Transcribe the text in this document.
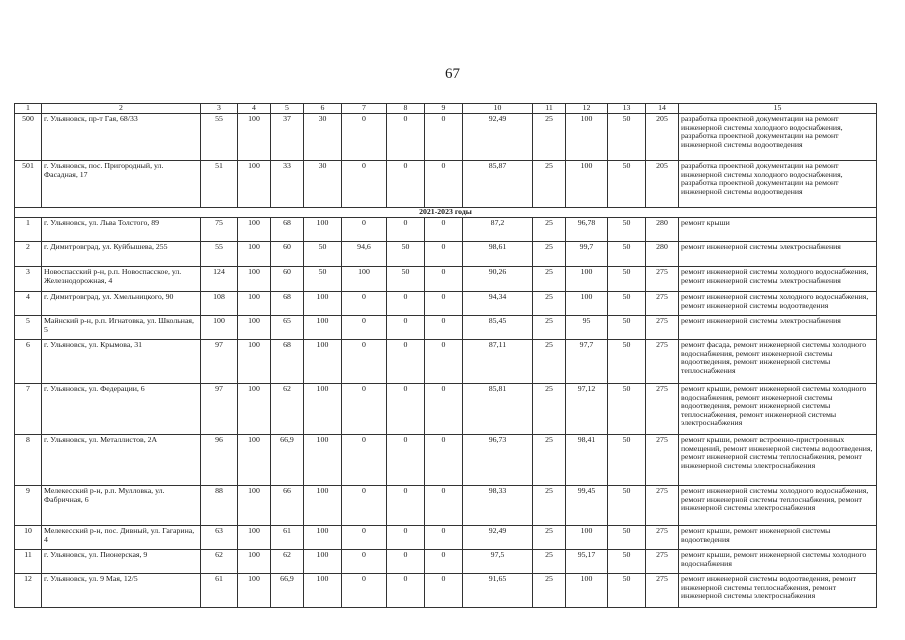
67
1	2	3	4	5	6	7	8	9	10	11	12	13	14	15
500	г. Ульяновск, пр-т Гая, 68/33	55	100	37	30	0	0	0	92,49	25	100	50	205	разработка проектной документации на ремонт инженерной системы холодного водоснабжения, разработка проектной документации на ремонт инженерной системы водоотведения
501	г. Ульяновск, пос. Пригородный, ул. Фасадная, 17	51	100	33	30	0	0	0	85,87	25	100	50	205	разработка проектной документации на ремонт инженерной системы холодного водоснабжения, разработка проектной документации на ремонт инженерной системы водоотведения
2021-2023 годы														
1	г. Ульяновск, ул. Льва Толстого, 89	75	100	68	100	0	0	0	87,2	25	96,78	50	280	ремонт крыши
2	г. Димитровград, ул. Куйбышева, 255	55	100	60	50	94,6	50	0	98,61	25	99,7	50	280	ремонт инженерной системы электроснабжения
3	Новоспасский р-н, р.п. Новоспасское, ул. Железнодорожная, 4	124	100	60	50	100	50	0	90,26	25	100	50	275	ремонт инженерной системы холодного водоснабжения, ремонт инженерной системы электроснабжения
4	г. Димитровград, ул. Хмельницкого, 90	108	100	68	100	0	0	0	94,34	25	100	50	275	ремонт инженерной системы холодного водоснабжения, ремонт инженерной системы водоотведения
5	Майнский р-н, р.п. Игнатовка, ул. Школьная, 5	100	100	65	100	0	0	0	85,45	25	95	50	275	ремонт инженерной системы электроснабжения
6	г. Ульяновск, ул. Крымова, 31	97	100	68	100	0	0	0	87,11	25	97,7	50	275	ремонт фасада, ремонт инженерной системы холодного водоснабжения, ремонт инженерной системы водоотведения, ремонт инженерной системы теплоснабжения
7	г. Ульяновск, ул. Федерации, 6	97	100	62	100	0	0	0	85,81	25	97,12	50	275	ремонт крыши, ремонт инженерной системы холодного водоснабжения, ремонт инженерной системы водоотведения, ремонт инженерной системы теплоснабжения, ремонт инженерной системы электроснабжения
8	г. Ульяновск, ул. Металлистов, 2А	96	100	66,9	100	0	0	0	96,73	25	98,41	50	275	ремонт крыши, ремонт встроенно-пристроенных помещений, ремонт инженерной системы водоотведения, ремонт инженерной системы теплоснабжения, ремонт инженерной системы электроснабжения
9	Мелекесский р-н, р.п. Мулловка, ул. Фабричная, 6	88	100	66	100	0	0	0	98,33	25	99,45	50	275	ремонт инженерной системы холодного водоснабжения, ремонт инженерной системы теплоснабжения, ремонт инженерной системы электроснабжения
10	Мелекесский р-н, пос. Дивный, ул. Гагарина, 4	63	100	61	100	0	0	0	92,49	25	100	50	275	ремонт крыши, ремонт инженерной системы водоотведения
11	г. Ульяновск, ул. Пионерская, 9	62	100	62	100	0	0	0	97,5	25	95,17	50	275	ремонт крыши, ремонт инженерной системы холодного водоснабжения
12	г. Ульяновск, ул. 9 Мая, 12/5	61	100	66,9	100	0	0	0	91,65	25	100	50	275	ремонт инженерной системы водоотведения, ремонт инженерной системы теплоснабжения, ремонт инженерной системы электроснабжения
